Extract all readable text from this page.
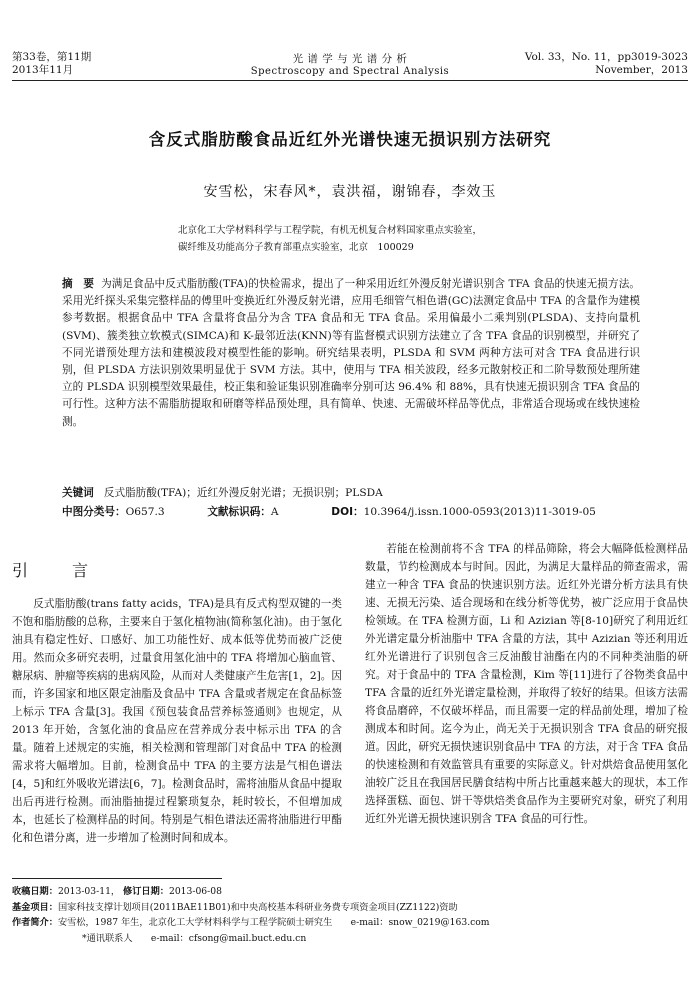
第33卷，第11期
2013年11月
光 谱 学 与 光 谱 分 析
Spectroscopy and Spectral Analysis
Vol. 33，No. 11，pp3019-3023
November，2013
含反式脂肪酸食品近红外光谱快速无损识别方法研究
安雪松，宋春风*，袁洪福，谢锦春，李效玉
北京化工大学材料科学与工程学院，有机无机复合材料国家重点实验室，
碳纤维及功能高分子教育部重点实验室，北京　100029
摘　要 为满足食品中反式脂肪酸(TFA)的快检需求，提出了一种采用近红外漫反射光谱识别含 TFA 食品的快速无损方法。采用光纤探头采集完整样品的傅里叶变换近红外漫反射光谱，应用毛细管气相色谱(GC)法测定食品中 TFA 的含量作为建模参考数据。根据食品中 TFA 含量将食品分为含 TFA 食品和无 TFA 食品。采用偏最小二乘判别(PLSDA)、支持向量机(SVM)、簇类独立软模式(SIMCA)和 K-最邻近法(KNN)等有监督模式识别方法建立了含 TFA 食品的识别模型，并研究了不同光谱预处理方法和建模波段对模型性能的影响。研究结果表明，PLSDA 和 SVM 两种方法可对含 TFA 食品进行识别，但 PLSDA 方法识别效果明显优于 SVM 方法。其中，使用与 TFA 相关波段，经多元散射校正和二阶导数预处理所建立的 PLSDA 识别模型效果最佳，校正集和验证集识别准确率分别可达 96.4% 和 88%，具有快速无损识别含 TFA 食品的可行性。这种方法不需脂肪提取和研磨等样品预处理，具有简单、快速、无需破坏样品等优点，非常适合现场或在线快速检测。
关键词 反式脂肪酸(TFA)；近红外漫反射光谱；无损识别；PLSDA
中图分类号：O657.3	文献标识码：A	DOI：10.3964/j.issn.1000-0593(2013)11-3019-05
引　言

反式脂肪酸(trans fatty acids，TFA)是具有反式构型双键的一类不饱和脂肪酸的总称，主要来自于氢化植物油(简称氢化油)。由于氢化油具有稳定性好、口感好、加工功能性好、成本低等优势而被广泛使用。然而众多研究表明，过量食用氢化油中的 TFA 将增加心脑血管、糖尿病、肿瘤等疾病的患病风险，从而对人类健康产生危害[1，2]。因而，许多国家和地区限定油脂及食品中 TFA 含量或者规定在食品标签上标示 TFA 含量[3]。我国《预包装食品营养标签通则》也规定，从 2013 年开始，含氢化油的食品应在营养成分表中标示出 TFA 的含量。随着上述规定的实施，相关检测和管理部门对食品中 TFA 的检测需求将大幅增加。目前，检测食品中 TFA 的主要方法是气相色谱法[4，5]和红外吸收光谱法[6，7]。检测食品时，需将油脂从食品中提取出后再进行检测。而油脂抽提过程繁琐复杂，耗时较长，不但增加成本，也延长了检测样品的时间。特别是气相色谱法还需将油脂进行甲酯化和色谱分离，进一步增加了检测时间和成本。

若能在检测前将不含 TFA 的样品筛除，将会大幅降低检测样品数量，节约检测成本与时间。因此，为满足大量样品的筛查需求，需建立一种含 TFA 食品的快速识别方法。近红外光谱分析方法具有快速、无损无污染、适合现场和在线分析等优势，被广泛应用于食品快检领域。在 TFA 检测方面，Li 和 Azizian 等[8-10]研究了利用近红外光谱定量分析油脂中 TFA 含量的方法，其中 Azizian 等还利用近红外光谱进行了识别包含三反油酸甘油酯在内的不同种类油脂的研究。对于食品中的 TFA 含量检测，Kim 等[11]进行了谷物类食品中 TFA 含量的近红外光谱定量检测，并取得了较好的结果。但该方法需将食品磨碎，不仅破坏样品，而且需要一定的样品前处理，增加了检测成本和时间。迄今为止，尚无关于无损识别含 TFA 食品的研究报道。因此，研究无损快速识别食品中 TFA 的方法，对于含 TFA 食品的快速检测和有效监管具有重要的实际意义。针对烘焙食品使用氢化油较广泛且在我国居民膳食结构中所占比重越来越大的现状，本工作选择蛋糕、面包、饼干等烘焙类食品作为主要研究对象，研究了利用近红外光谱无损快速识别含 TFA 食品的可行性。

收稿日期：2013-03-11， 修订日期：2013-06-08
基金项目：国家科技支撑计划项目(2011BAE11B01)和中央高校基本科研业务费专项资金项目(ZZ1122)资助
作者简介：安雪松，1987 年生，北京化工大学材料科学与工程学院硕士研究生　　e-mail：snow_0219@163.com
*通讯联系人　　e-mail：cfsong@mail.buct.edu.cn
